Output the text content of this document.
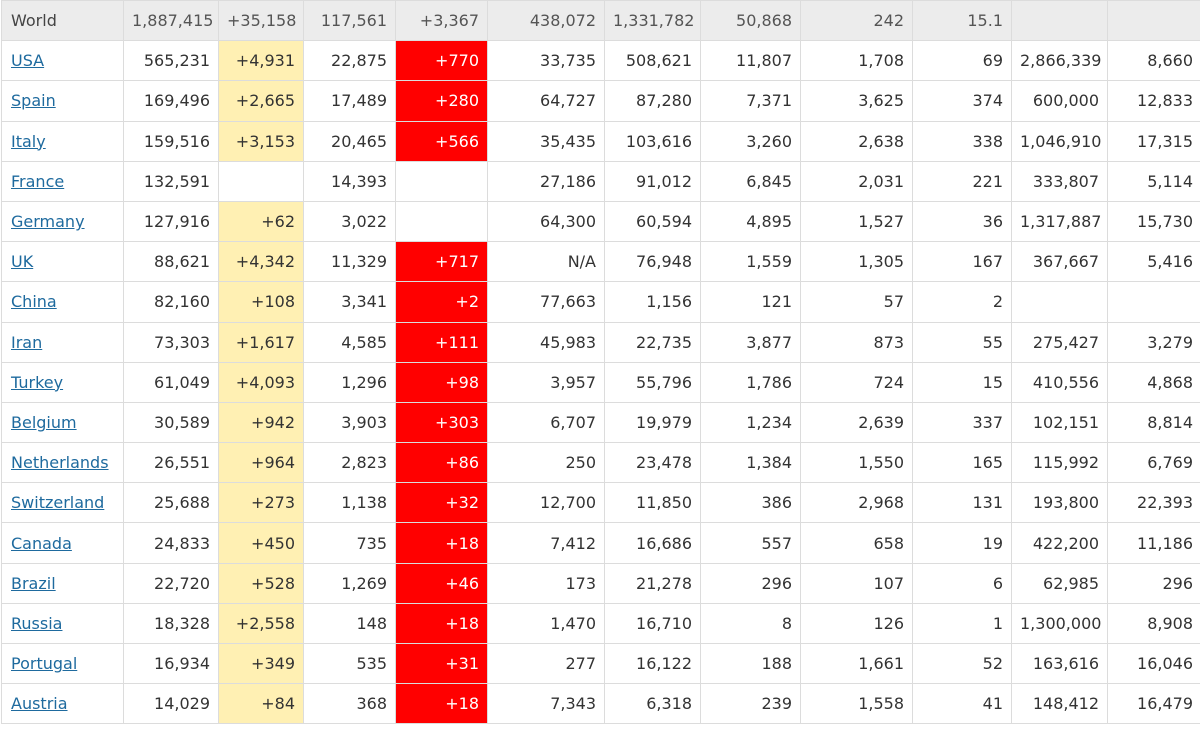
World	1,887,415	+35,158	117,561	+3,367	438,072	1,331,782	50,868	242	15.1		
USA	565,231	+4,931	22,875	+770	33,735	508,621	11,807	1,708	69	2,866,339	8,660
Spain	169,496	+2,665	17,489	+280	64,727	87,280	7,371	3,625	374	600,000	12,833
Italy	159,516	+3,153	20,465	+566	35,435	103,616	3,260	2,638	338	1,046,910	17,315
France	132,591		14,393		27,186	91,012	6,845	2,031	221	333,807	5,114
Germany	127,916	+62	3,022		64,300	60,594	4,895	1,527	36	1,317,887	15,730
UK	88,621	+4,342	11,329	+717	N/A	76,948	1,559	1,305	167	367,667	5,416
China	82,160	+108	3,341	+2	77,663	1,156	121	57	2		
Iran	73,303	+1,617	4,585	+111	45,983	22,735	3,877	873	55	275,427	3,279
Turkey	61,049	+4,093	1,296	+98	3,957	55,796	1,786	724	15	410,556	4,868
Belgium	30,589	+942	3,903	+303	6,707	19,979	1,234	2,639	337	102,151	8,814
Netherlands	26,551	+964	2,823	+86	250	23,478	1,384	1,550	165	115,992	6,769
Switzerland	25,688	+273	1,138	+32	12,700	11,850	386	2,968	131	193,800	22,393
Canada	24,833	+450	735	+18	7,412	16,686	557	658	19	422,200	11,186
Brazil	22,720	+528	1,269	+46	173	21,278	296	107	6	62,985	296
Russia	18,328	+2,558	148	+18	1,470	16,710	8	126	1	1,300,000	8,908
Portugal	16,934	+349	535	+31	277	16,122	188	1,661	52	163,616	16,046
Austria	14,029	+84	368	+18	7,343	6,318	239	1,558	41	148,412	16,479
